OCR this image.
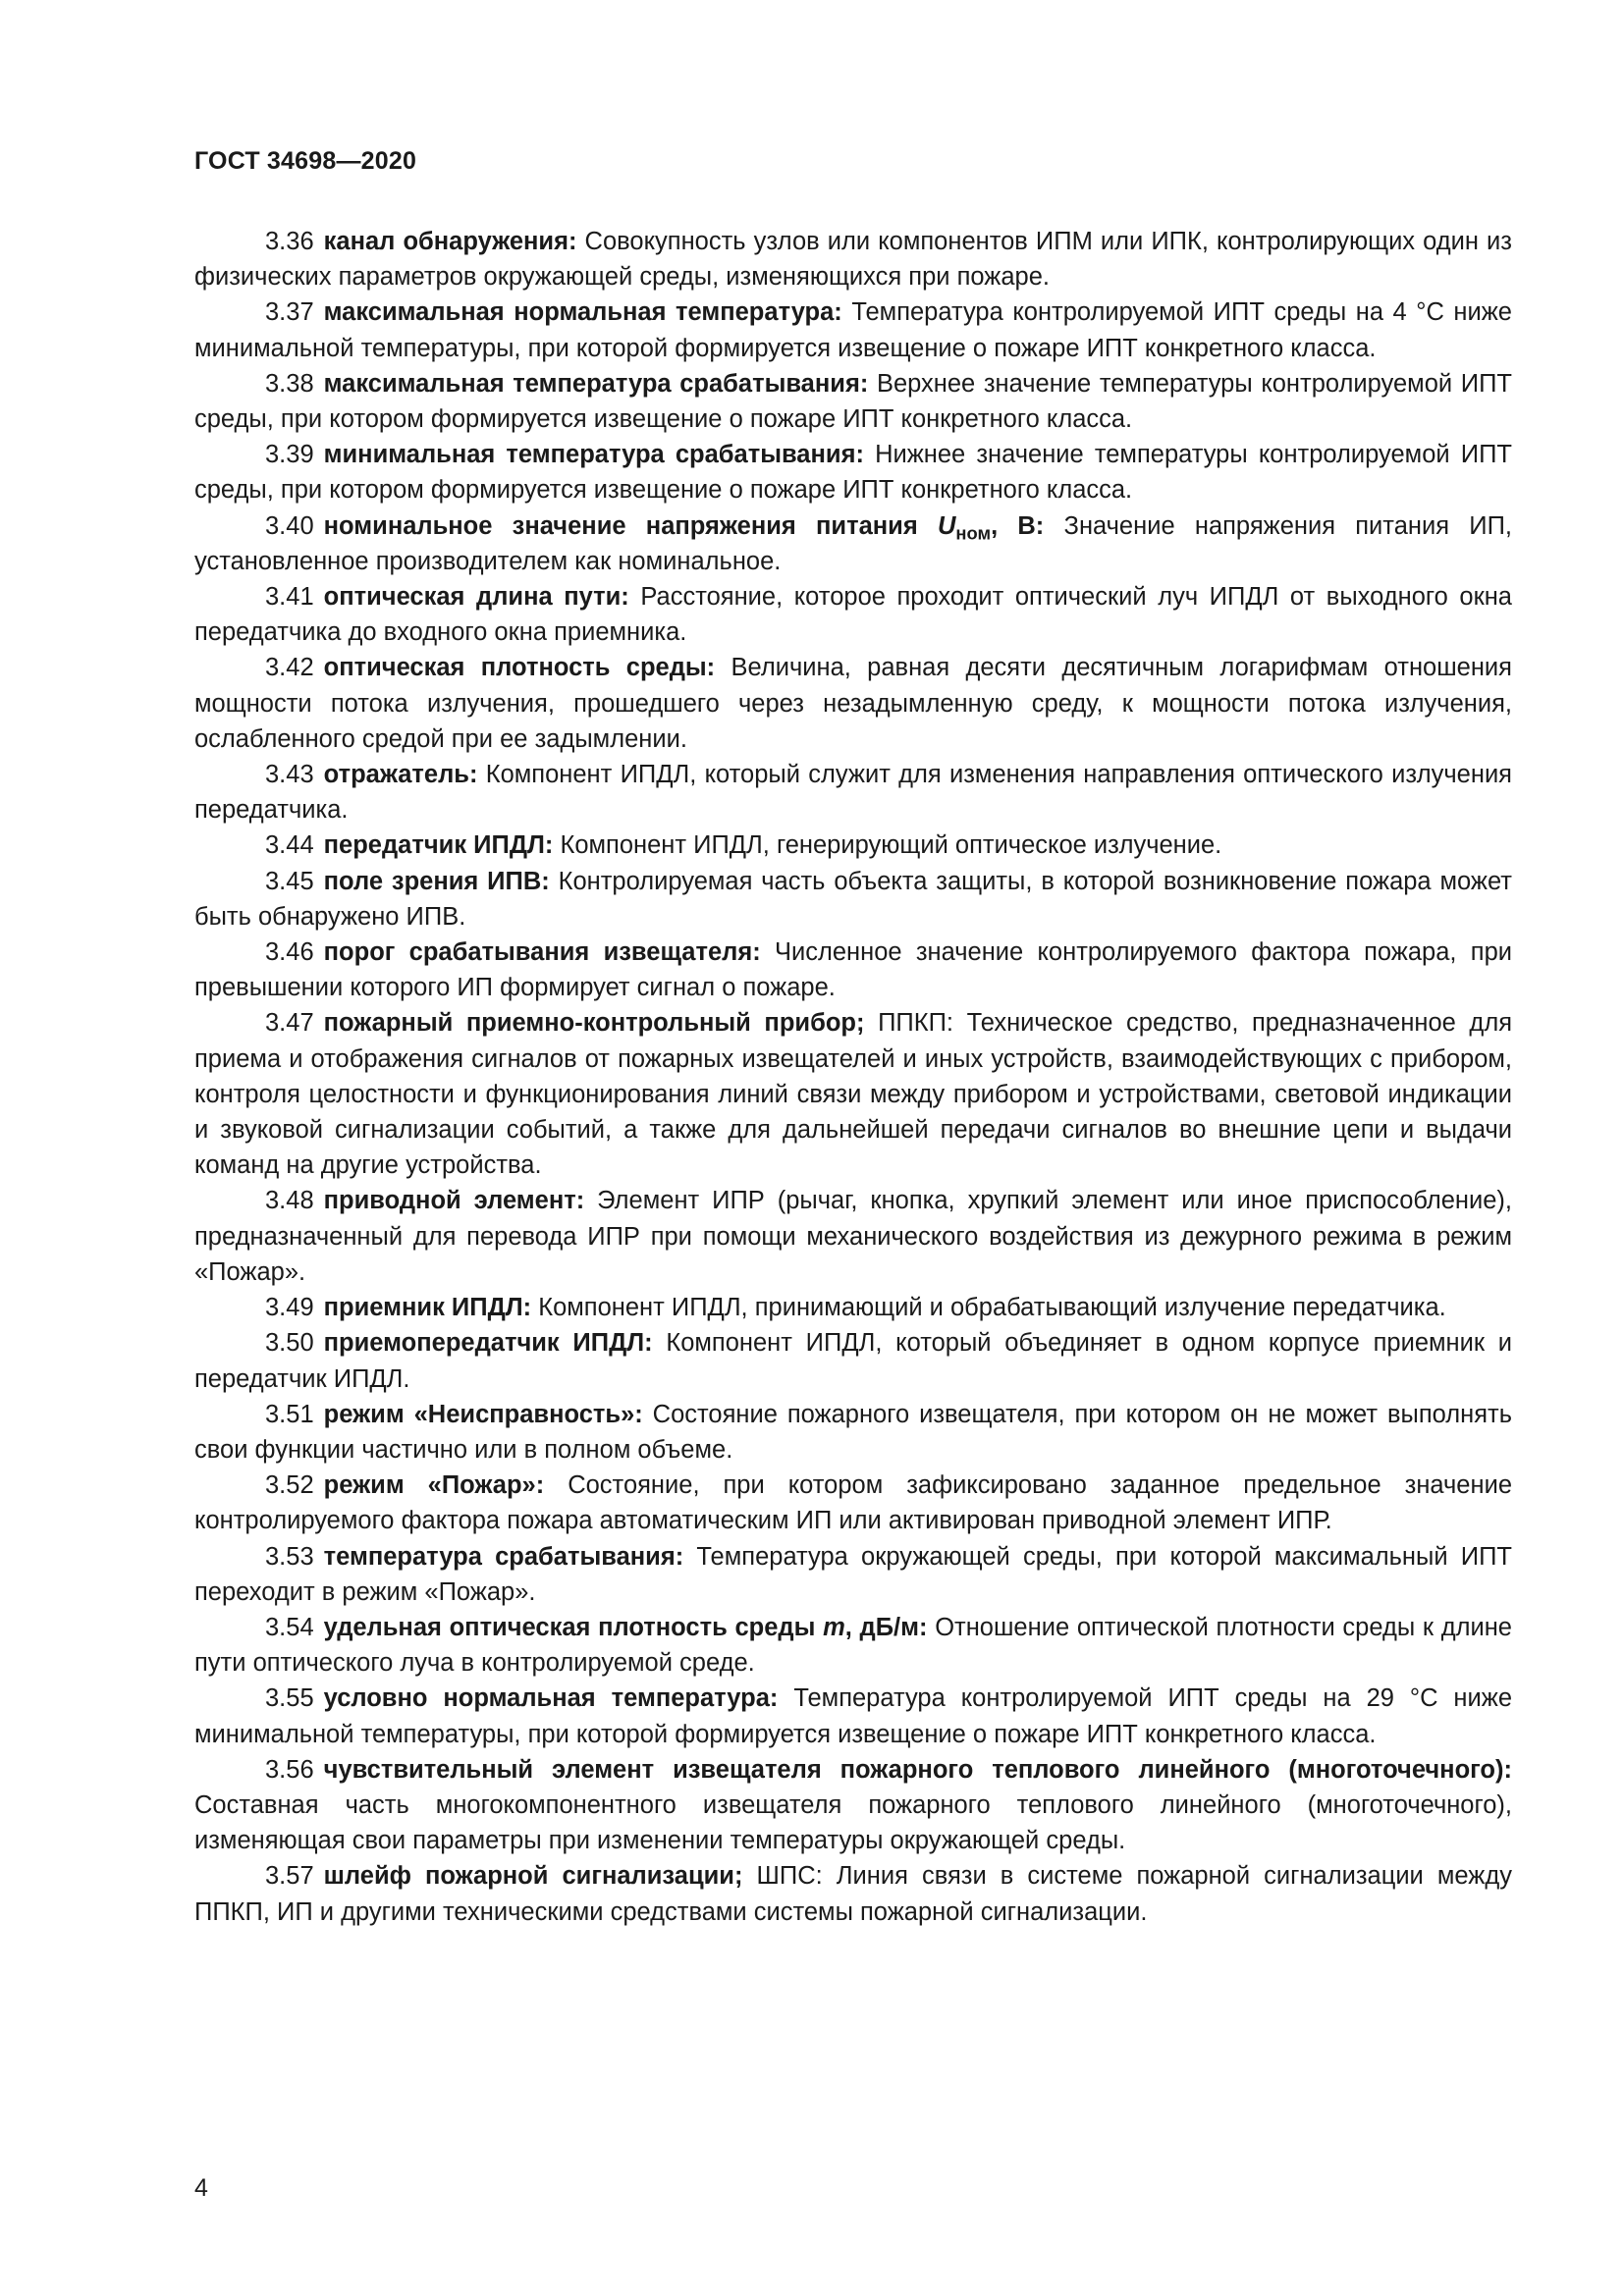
ГОСТ 34698—2020

3.36 канал обнаружения: Совокупность узлов или компонентов ИПМ или ИПК, контролирующих один из физических параметров окружающей среды, изменяющихся при пожаре.

3.37 максимальная нормальная температура: Температура контролируемой ИПТ среды на 4 °С ниже минимальной температуры, при которой формируется извещение о пожаре ИПТ конкретного класса.

3.38 максимальная температура срабатывания: Верхнее значение температуры контролируемой ИПТ среды, при котором формируется извещение о пожаре ИПТ конкретного класса.

3.39 минимальная температура срабатывания: Нижнее значение температуры контролируемой ИПТ среды, при котором формируется извещение о пожаре ИПТ конкретного класса.

3.40 номинальное значение напряжения питания $U_{ном}$, В: Значение напряжения питания ИП, установленное производителем как номинальное.

3.41 оптическая длина пути: Расстояние, которое проходит оптический луч ИПДЛ от выходного окна передатчика до входного окна приемника.

3.42 оптическая плотность среды: Величина, равная десяти десятичным логарифмам отношения мощности потока излучения, прошедшего через незадымленную среду, к мощности потока излучения, ослабленного средой при ее задымлении.

3.43 отражатель: Компонент ИПДЛ, который служит для изменения направления оптического излучения передатчика.

3.44 передатчик ИПДЛ: Компонент ИПДЛ, генерирующий оптическое излучение.

3.45 поле зрения ИПВ: Контролируемая часть объекта защиты, в которой возникновение пожара может быть обнаружено ИПВ.

3.46 порог срабатывания извещателя: Численное значение контролируемого фактора пожара, при превышении которого ИП формирует сигнал о пожаре.

3.47 пожарный приемно-контрольный прибор; ППКП: Техническое средство, предназначенное для приема и отображения сигналов от пожарных извещателей и иных устройств, взаимодействующих с прибором, контроля целостности и функционирования линий связи между прибором и устройствами, световой индикации и звуковой сигнализации событий, а также для дальнейшей передачи сигналов во внешние цепи и выдачи команд на другие устройства.

3.48 приводной элемент: Элемент ИПР (рычаг, кнопка, хрупкий элемент или иное приспособление), предназначенный для перевода ИПР при помощи механического воздействия из дежурного режима в режим «Пожар».

3.49 приемник ИПДЛ: Компонент ИПДЛ, принимающий и обрабатывающий излучение передатчика.

3.50 приемопередатчик ИПДЛ: Компонент ИПДЛ, который объединяет в одном корпусе приемник и передатчик ИПДЛ.

3.51 режим «Неисправность»: Состояние пожарного извещателя, при котором он не может выполнять свои функции частично или в полном объеме.

3.52 режим «Пожар»: Состояние, при котором зафиксировано заданное предельное значение контролируемого фактора пожара автоматическим ИП или активирован приводной элемент ИПР.

3.53 температура срабатывания: Температура окружающей среды, при которой максимальный ИПТ переходит в режим «Пожар».

3.54 удельная оптическая плотность среды m, дБ/м: Отношение оптической плотности среды к длине пути оптического луча в контролируемой среде.

3.55 условно нормальная температура: Температура контролируемой ИПТ среды на 29 °С ниже минимальной температуры, при которой формируется извещение о пожаре ИПТ конкретного класса.

3.56 чувствительный элемент извещателя пожарного теплового линейного (многоточечного): Составная часть многокомпонентного извещателя пожарного теплового линейного (многоточечного), изменяющая свои параметры при изменении температуры окружающей среды.

3.57 шлейф пожарной сигнализации; ШПС: Линия связи в системе пожарной сигнализации между ППКП, ИП и другими техническими средствами системы пожарной сигнализации.

4
